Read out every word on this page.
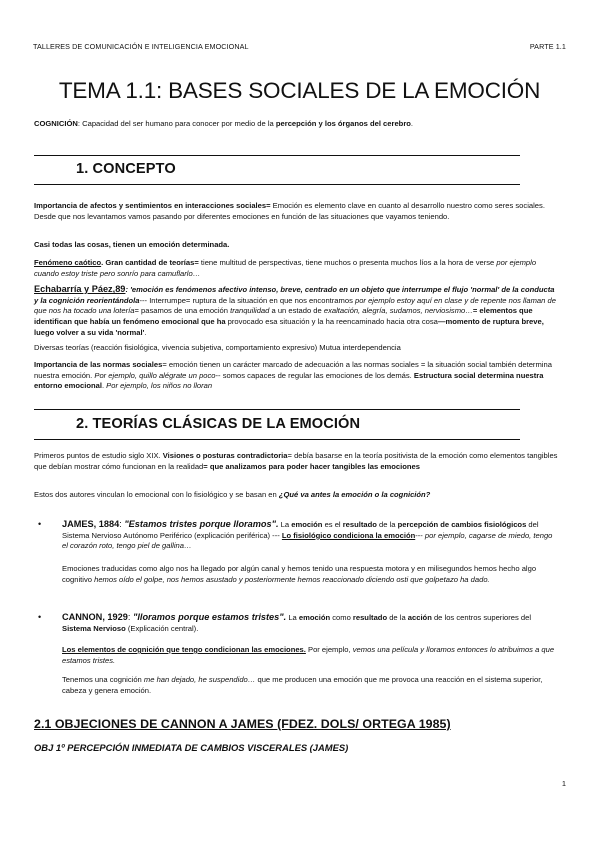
TALLERES DE COMUNICACIÓN E INTELIGENCIA EMOCIONAL	PARTE 1.1
TEMA 1.1: BASES SOCIALES DE LA EMOCIÓN
COGNICIÓN: Capacidad del ser humano para conocer por medio de la percepción y los órganos del cerebro.
1. CONCEPTO
Importancia de afectos y sentimientos en interacciones sociales= Emoción es elemento clave en cuanto al desarrollo nuestro como seres sociales. Desde que nos levantamos vamos pasando por diferentes emociones en función de las situaciones que vayamos teniendo.
Casi todas las cosas, tienen un emoción determinada.
Fenómeno caótico. Gran cantidad de teorías= tiene multitud de perspectivas, tiene muchos o presenta muchos líos a la hora de verse por ejemplo cuando estoy triste pero sonrío para camuflarlo…
Echabarría y Páez,89: 'emoción es fenómenos afectivo intenso, breve, centrado en un objeto que interrumpe el flujo 'normal' de la conducta y la cognición reorientándola--- Interrumpe= ruptura de la situación en que nos encontramos por ejemplo estoy aquí en clase y de repente nos llaman de que nos ha tocado una lotería= pasamos de una emoción tranquilidad a un estado de exaltación, alegría, sudamos, nerviosismo…= elementos que identifican que había un fenómeno emocional que ha provocado esa situación y la ha reencaminado hacia otra cosa—momento de ruptura breve, luego volver a su vida 'normal'.
Diversas teorías (reacción fisiológica, vivencia subjetiva, comportamiento expresivo) Mutua interdependencia
Importancia de las normas sociales= emoción tienen un carácter marcado de adecuación a las normas sociales = la situación social también determina nuestra emoción. Por ejemplo, quillo alégrate un poco-- somos capaces de regular las emociones de los demás. Estructura social determina nuestra entorno emocional. Por ejemplo, los niños no lloran
2. TEORÍAS CLÁSICAS DE LA EMOCIÓN
Primeros puntos de estudio siglo XIX. Visiones o posturas contradictoria= debía basarse en la teoría positivista de la emoción como elementos tangibles que debían mostrar cómo funcionan en la realidad= que analizamos para poder hacer tangibles las emociones
Estos dos autores vinculan lo emocional con lo fisiológico y se basan en ¿Qué va antes la emoción o la cognición?
• JAMES, 1884: "Estamos tristes porque lloramos". La emoción es el resultado de la percepción de cambios fisiológicos del Sistema Nervioso Autónomo Periférico (explicación periférica) --- Lo fisiológico condiciona la emoción--- por ejemplo, cagarse de miedo, tengo el corazón roto, tengo piel de gallina…
Emociones traducidas como algo nos ha llegado por algún canal y hemos tenido una respuesta motora y en milisegundos hemos hecho algo cognitivo hemos oído el golpe, nos hemos asustado y posteriormente hemos reaccionado diciendo osti que golpetazo ha dado.
• CANNON, 1929: "lloramos porque estamos tristes". La emoción como resultado de la acción de los centros superiores del Sistema Nervioso (Explicación central).
Los elementos de cognición que tengo condicionan las emociones. Por ejemplo, vemos una película y lloramos entonces lo atribuimos a que estamos tristes.
Tenemos una cognición me han dejado, he suspendido… que me producen una emoción que me provoca una reacción en el sistema superior, cabeza y genera emoción.
2.1 OBJECIONES DE CANNON A JAMES (FDEZ. DOLS/ ORTEGA 1985)
OBJ 1º PERCEPCIÓN INMEDIATA DE CAMBIOS VISCERALES (JAMES)
1
